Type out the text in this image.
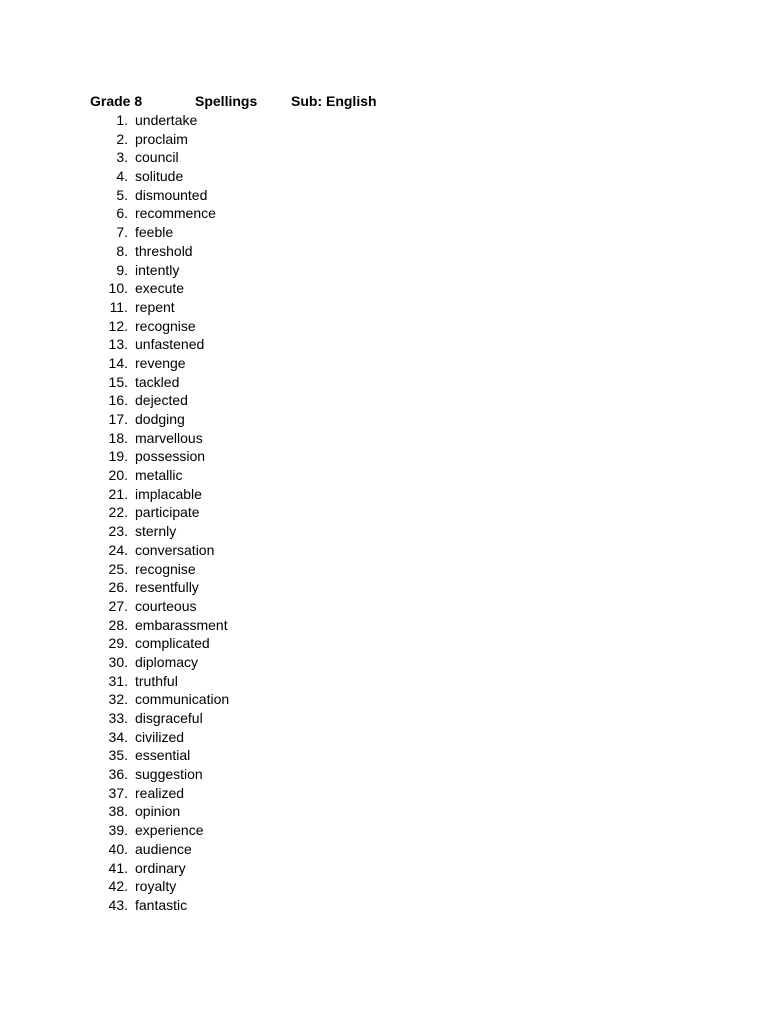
Grade 8	Spellings Sub: English
1. undertake
2. proclaim
3. council
4. solitude
5. dismounted
6. recommence
7. feeble
8. threshold
9. intently
10. execute
11. repent
12. recognise
13. unfastened
14. revenge
15. tackled
16. dejected
17. dodging
18. marvellous
19. possession
20. metallic
21. implacable
22. participate
23. sternly
24. conversation
25. recognise
26. resentfully
27. courteous
28. embarassment
29. complicated
30. diplomacy
31. truthful
32. communication
33. disgraceful
34. civilized
35. essential
36. suggestion
37. realized
38. opinion
39. experience
40. audience
41. ordinary
42. royalty
43. fantastic
